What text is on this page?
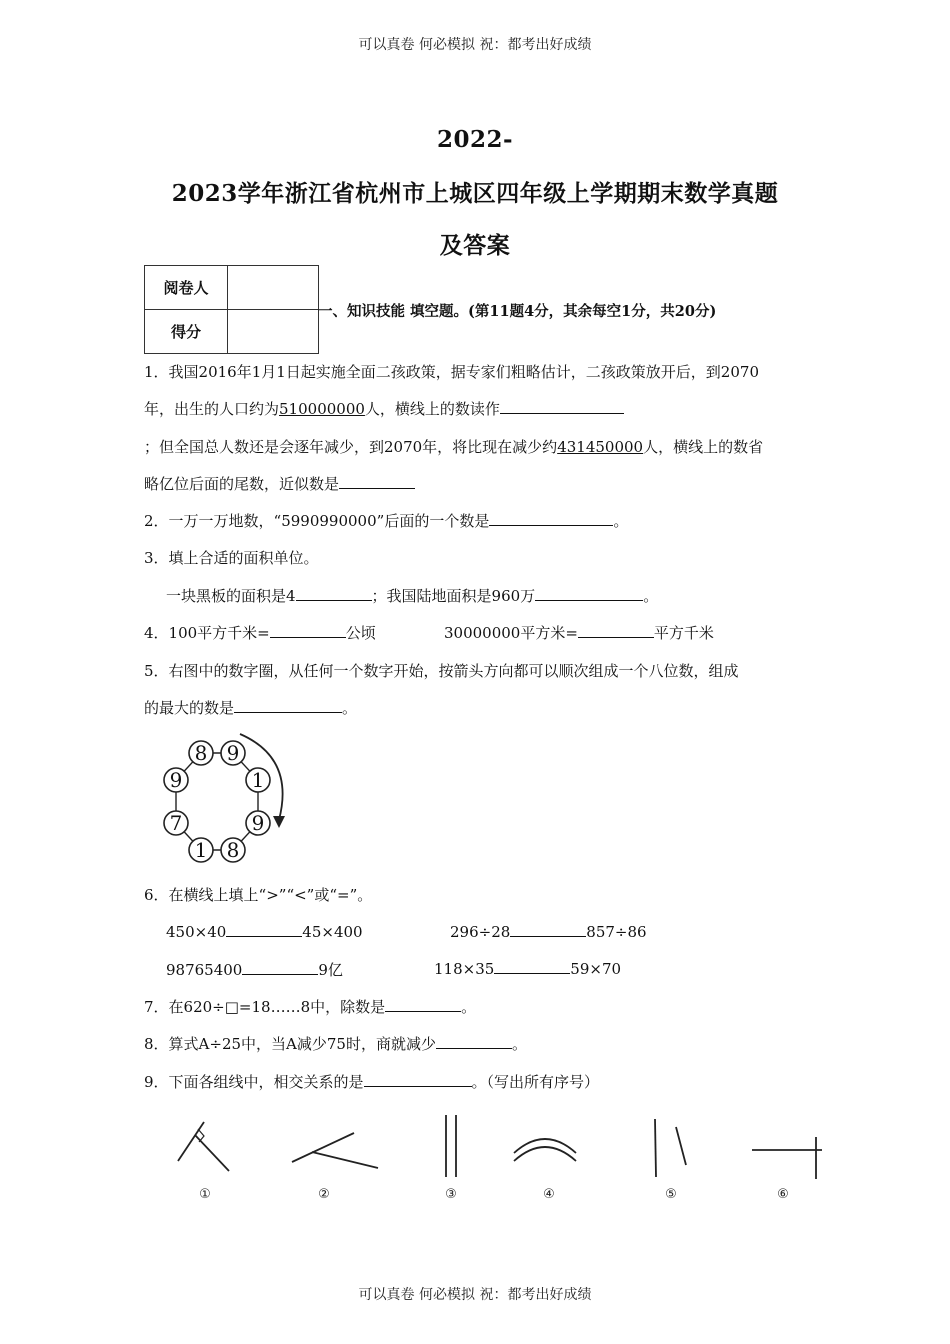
可以真卷 何必模拟 祝：都考出好成绩
2022-
2023学年浙江省杭州市上城区四年级上学期期末数学真题
及答案
阅卷人	
得分	
一、知识技能 填空题。(第11题4分，其余每空1分，共20分)
1．我国2016年1月1日起实施全面二孩政策，据专家们粗略估计，二孩政策放开后，到2070
年，出生的人口约为510000000人，横线上的数读作
；但全国总人数还是会逐年减少，到2070年，将比现在减少约431450000人，横线上的数省
略亿位后面的尾数，近似数是
2．一万一万地数，“5990990000”后面的一个数是	。
3．填上合适的面积单位。
一块黑板的面积是4	；我国陆地面积是960万	。
4．100平方千米=	公顷	30000000平方米=	平方千米
5．右图中的数字圈，从任何一个数字开始，按箭头方向都可以顺次组成一个八位数，组成
的最大的数是	。
8 9
1
9
8
1
7
9
6．在横线上填上“>”“<”或“=”。
450×40	45×400	296÷28	857÷86
98765400	9亿	118×35	59×70
7．在620÷□=18……8中，除数是	。
8．算式A÷25中，当A减少75时，商就减少	。
9．下面各组线中，相交关系的是	。（写出所有序号）
①	②	③	④	⑤	⑥
可以真卷 何必模拟 祝：都考出好成绩
